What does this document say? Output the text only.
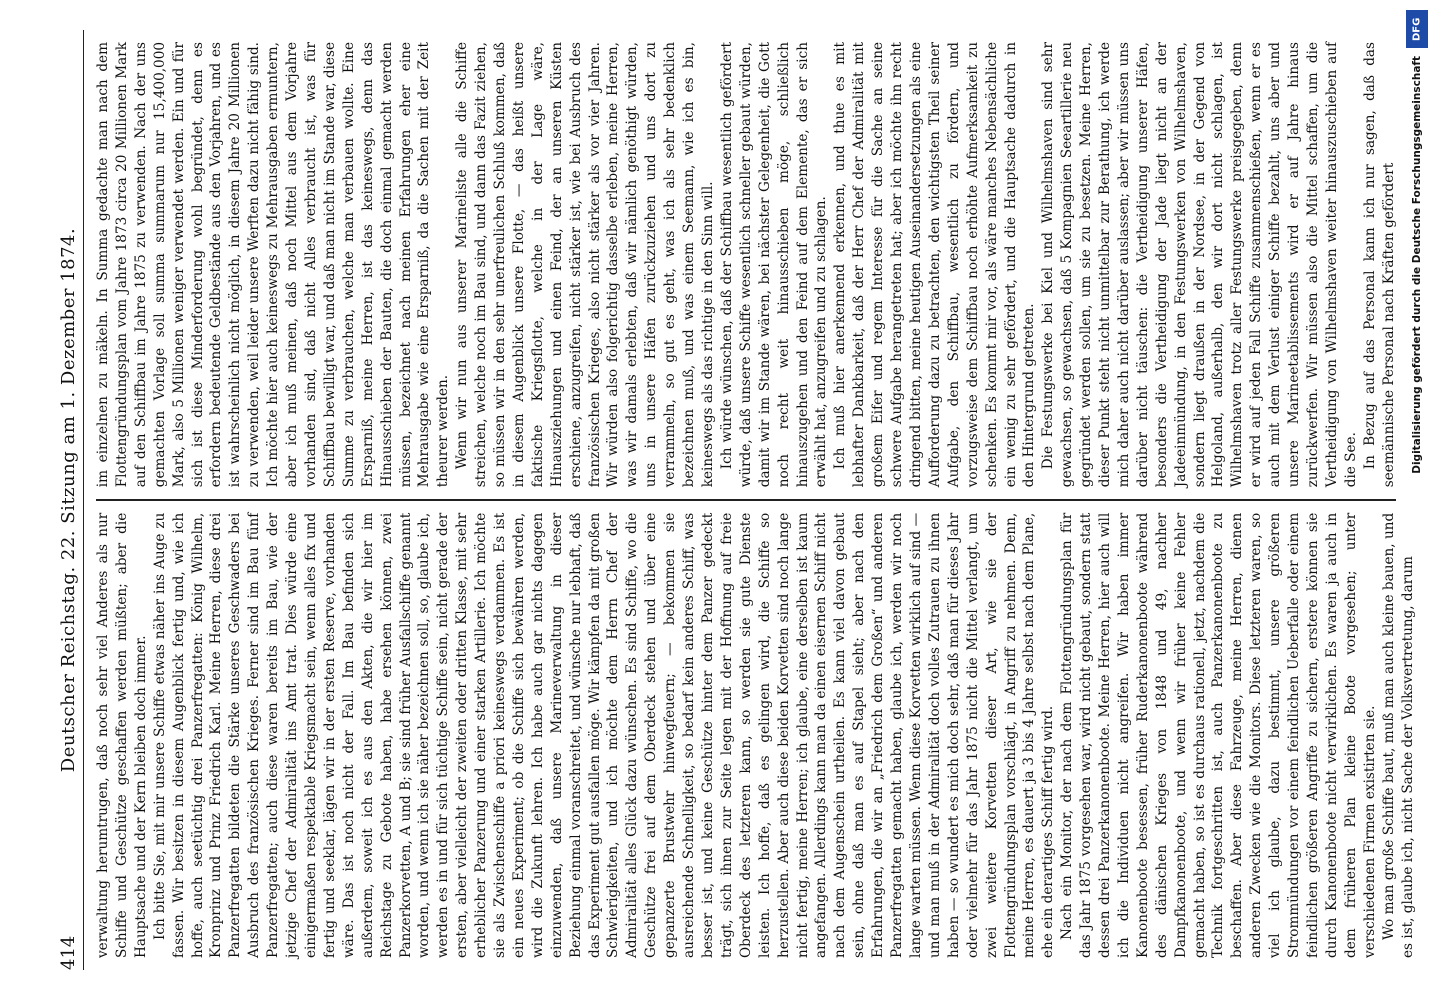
414
Deutscher Reichstag. 22. Sitzung am 1. Dezember 1874. verwaltung herumtrugen, daß noch sehr viel Anderes als nur Schiffe und Geschütze geschaffen werden müßten; aber die Hauptsache und der Kern bleiben doch immer. Ich bitte Sie, mit mir unsere Schiffe etwas näher ins Auge zu fassen. Wir besitzen in diesem Augenblick fertig und, wie ich hoffe, auch seetüchtig drei Panzerfregatten: König Wilhelm, Kronprinz und Prinz Friedrich Karl. Meine Herren, diese drei Panzerfregatten bildeten die Stärke unseres Geschwaders bei Ausbruch des französischen Krieges. Ferner sind im Bau fünf Panzerfregatten; auch diese waren bereits im Bau, wie der jetzige Chef der Admiralität ins Amt trat. Dies würde eine einigermaßen respektable Kriegsmacht sein, wenn alles fix und fertig und seeklar, lägen wir in der ersten Reserve, vorhanden wäre. Das ist noch nicht der Fall. Im Bau befinden sich außerdem, soweit ich es aus den Akten, die wir hier im Reichstage zu Gebote haben, habe ersehen können, zwei Panzerkorvetten, A und B; sie sind früher Ausfallschiffe genannt worden, und wenn ich sie näher bezeichnen soll, so, glaube ich, werden es in und für sich tüchtige Schiffe sein, nicht gerade der ersten, aber vielleicht der zweiten oder dritten Klasse, mit sehr erheblicher Panzerung und einer starken Artillerie. Ich möchte sie als Zwischenschiffe a priori keineswegs verdammen. Es ist ein neues Experiment; ob die Schiffe sich bewähren werden, wird die Zukunft lehren. Ich habe auch gar nichts dagegen einzuwenden, daß unsere Marineverwaltung in dieser Beziehung einmal voranschreitet, und wünsche nur lebhaft, daß das Experiment gut ausfallen möge. Wir kämpfen da mit großen Schwierigkeiten, und ich möchte dem Herrn Chef der Admiralität alles Glück dazu wünschen. Es sind Schiffe, wo die Geschütze frei auf dem Oberdeck stehen und über eine gepanzerte Brustwehr hinwegfeuern; — bekommen sie ausreichende Schnelligkeit, so bedarf kein anderes Schiff, was besser ist, und keine Geschütze hinter dem Panzer gedeckt trägt, sich ihnen zur Seite legen mit der Hoffnung auf freie Oberdeck des letzteren kann, so werden sie gute Dienste leisten. Ich hoffe, daß es gelingen wird, die Schiffe so herzustellen. Aber auch diese beiden Korvetten sind noch lange nicht fertig, meine Herren; ich glaube, eine derselben ist kaum angefangen. Allerdings kann man da einen eisernen Schiff nicht nach dem Augenschein urtheilen. Es kann viel davon gebaut sein, ohne daß man es auf Stapel sieht; aber nach den Erfahrungen, die wir an „Friedrich dem Großen“ und anderen Panzerfregatten gemacht haben, glaube ich, werden wir noch lange warten müssen. Wenn diese Korvetten wirklich auf sind — und man muß in der Admiralität doch volles Zutrauen zu ihnen haben — so wundert es mich doch sehr, daß man für dieses Jahr oder vielmehr für das Jahr 1875 nicht die Mittel verlangt, um zwei weitere Korvetten dieser Art, wie sie der Flottengründungsplan vorschlägt, in Angriff zu nehmen. Denn, meine Herren, es dauert ja 3 bis 4 Jahre selbst nach dem Plane, ehe ein derartiges Schiff fertig wird. Nach ein Monitor, der nach dem Flottengründungsplan für das Jahr 1875 vorgesehen war, wird nicht gebaut, sondern statt dessen drei Panzerkanonenboote. Meine Herren, hier auch will ich die Individuen nicht angreifen. Wir haben immer Kanonenboote besessen, früher Ruderkanonenboote während des dänischen Krieges von 1848 und 49, nachher Dampfkanonenboote, und wenn wir früher keine Fehler gemacht haben, so ist es durchaus rationell, jetzt, nachdem die Technik fortgeschritten ist, auch Panzerkanonenboote zu beschaffen. Aber diese Fahrzeuge, meine Herren, dienen anderen Zwecken wie die Monitors. Diese letzteren waren, so viel ich glaube, dazu bestimmt, unsere größeren Strommündungen vor einem feindlichen Ueberfalle oder einem feindlichen größeren Angriffe zu sichern, erstere können sie durch Kanonenboote nicht verwirklichen. Es waren ja auch in dem früheren Plan kleine Boote vorgesehen; unter verschiedenen Firmen existirten sie. Wo man große Schiffe baut, muß man auch kleine bauen, und es ist, glaube ich, nicht Sache der Volksvertretung, darum

im einzelnen zu mäkeln. In Summa gedachte man nach dem Flottengründungsplan vom Jahre 1873 circa 20 Millionen Mark auf den Schiffbau im Jahre 1875 zu verwenden. Nach der uns gemachten Vorlage soll summa summarum nur 15,400,000 Mark, also 5 Millionen weniger verwendet werden. Ein und für sich ist diese Minderforderung wohl begründet, denn es erfordern bedeutende Geldbestände aus den Vorjahren, und es ist wahrscheinlich nicht möglich, in diesem Jahre 20 Millionen zu verwenden, weil leider unsere Werften dazu nicht fähig sind. Ich möchte hier auch keineswegs zu Mehrausgaben ermuntern, aber ich muß meinen, daß noch Mittel aus dem Vorjahre vorhanden sind, daß nicht Alles verbraucht ist, was für Schiffbau bewilligt war, und daß man nicht im Stande war, diese Summe zu verbrauchen, welche man verbauen wollte. Eine Ersparniß, meine Herren, ist das keineswegs, denn das Hinausschieben der Bauten, die doch einmal gemacht werden müssen, bezeichnet nach meinen Erfahrungen eher eine Mehrausgabe wie eine Ersparniß, da die Sachen mit der Zeit theurer werden. Wenn wir nun aus unserer Marineliste alle die Schiffe streichen, welche noch im Bau sind, und dann das Fazit ziehen, so müssen wir in den sehr unerfreulichen Schluß kommen, daß in diesem Augenblick unsere Flotte, — das heißt unsere faktische Kriegsflotte, welche in der Lage wäre, Hinausziehungen und einen Feind, der an unseren Küsten erschiene, anzugreifen, nicht stärker ist, wie bei Ausbruch des französischen Krieges, also nicht stärker als vor vier Jahren. Wir würden also folgerichtig dasselbe erleben, meine Herren, was wir damals erlebten, daß wir nämlich genöthigt würden, uns in unsere Häfen zurückzuziehen und uns dort zu verrammeln, so gut es geht, was ich als sehr bedenklich bezeichnen muß, und was einem Seemann, wie ich es bin, keineswegs als das richtige in den Sinn will. Ich würde wünschen, daß der Schiffbau wesentlich gefördert würde, daß unsere Schiffe wesentlich schneller gebaut würden, damit wir im Stande wären, bei nächster Gelegenheit, die Gott noch recht weit hinausschieben möge, schließlich hinauszugehen und den Feind auf dem Elemente, das er sich erwählt hat, anzugreifen und zu schlagen. Ich muß hier anerkennend erkennen, und thue es mit lebhafter Dankbarkeit, daß der Herr Chef der Admiralität mit großem Eifer und regem Interesse für die Sache an seine schwere Aufgabe herangetreten hat; aber ich möchte ihn recht dringend bitten, meine heutigen Auseinandersetzungen als eine Aufforderung dazu zu betrachten, den wichtigsten Theil seiner Aufgabe, den Schiffbau, wesentlich zu fördern, und vorzugsweise dem Schiffbau noch erhöhte Aufmerksamkeit zu schenken. Es kommt mir vor, als wäre manches Nebensächliche ein wenig zu sehr gefördert, und die Hauptsache dadurch in den Hintergrund getreten. Die Festungswerke bei Kiel und Wilhelmshaven sind sehr gewachsen, so gewachsen, daß 5 Kompagnien Seeartillerie neu gegründet werden sollen, um sie zu besetzen. Meine Herren, dieser Punkt steht nicht unmittelbar zur Berathung, ich werde mich daher auch nicht darüber auslassen; aber wir müssen uns darüber nicht täuschen: die Vertheidigung unserer Häfen, besonders die Vertheidigung der Jade liegt nicht an der Jadeeinmündung, in den Festungswerken von Wilhelmshaven, sondern liegt draußen in der Nordsee, in der Gegend von Helgoland, außerhalb, den wir dort nicht schlagen, ist Wilhelmshaven trotz aller Festungswerke preisgegeben, denn er wird auf jeden Fall Schiffe zusammenschießen, wenn er es auch mit dem Verlust einiger Schiffe bezahlt, uns aber und unsere Marineetablissements wird er auf Jahre hinaus zurückwerfen. Wir müssen also die Mittel schaffen, um die Vertheidigung von Wilhelmshaven weiter hinauszuschieben auf die See. In Bezug auf das Personal kann ich nur sagen, daß das seemännische Personal nach Kräften gefördert

DFG
Digitalisierung gefördert durch die Deutsche Forschungsgemeinschaft
